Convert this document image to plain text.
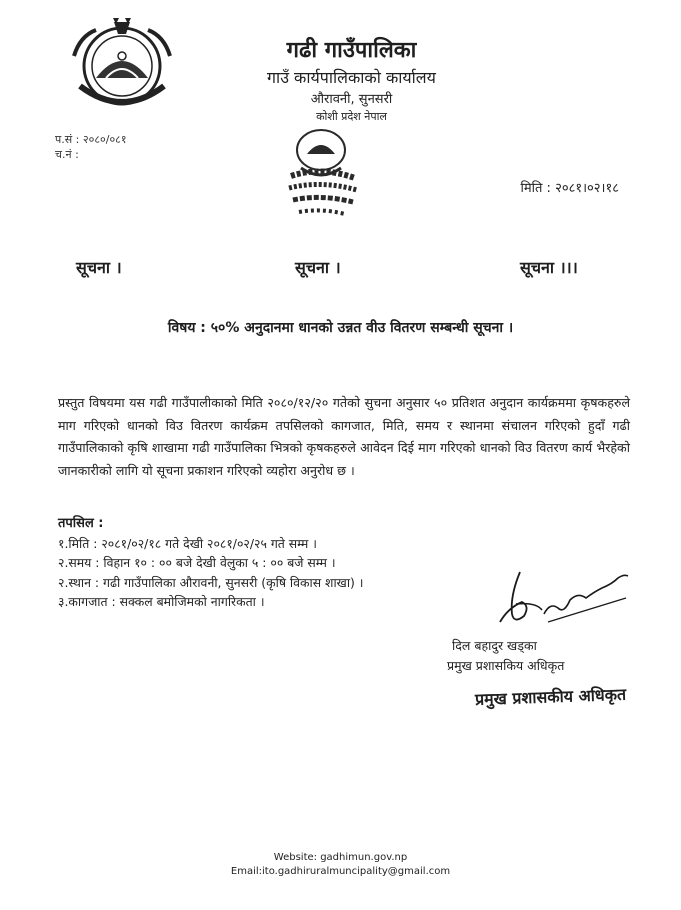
गढी गाउँपालिका
गाउँ कार्यपालिकाको कार्यालय
औरावनी, सुनसरी
कोशी प्रदेश नेपाल
प.सं : २०८०/०८१
च.नं :
मिति : २०८१।०२।१८
सूचना ।	सूचना ।	सूचना ।।।
विषय : ५०% अनुदानमा धानको उन्नत वीउ वितरण सम्बन्धी सूचना ।
प्रस्तुत विषयमा यस गढी गाउँपालीकाको मिति २०८०/१२/२० गतेको सुचना अनुसार ५० प्रतिशत अनुदान कार्यक्रममा कृषकहरुले माग गरिएको धानको विउ वितरण कार्यक्रम तपसिलको कागजात, मिति, समय र स्थानमा संचालन गरिएको हुदाँ गढी गाउँपालिकाको कृषि शाखामा गढी गाउँपालिका भित्रको कृषकहरुले आवेदन दिई माग गरिएको धानको विउ वितरण कार्य भैरहेको जानकारीको लागि यो सूचना प्रकाशन गरिएको व्यहोरा अनुरोध छ ।
तपसिल :
१.मिति : २०८१/०२/१८ गते देखी २०८१/०२/२५ गते सम्म ।
२.समय : विहान १० : ०० बजे देखी वेलुका ५ : ०० बजे सम्म ।
२.स्थान : गढी गाउँपालिका औरावनी, सुनसरी (कृषि विकास शाखा) ।
३.कागजात : सक्कल बमोजिमको नागरिकता ।
दिल बहादुर खड्का
प्रमुख प्रशासकिय अधिकृत
प्रमुख प्रशासकीय अधिकृत
Website: gadhimun.gov.np
Email:ito.gadhiruralmuncipality@gmail.com
